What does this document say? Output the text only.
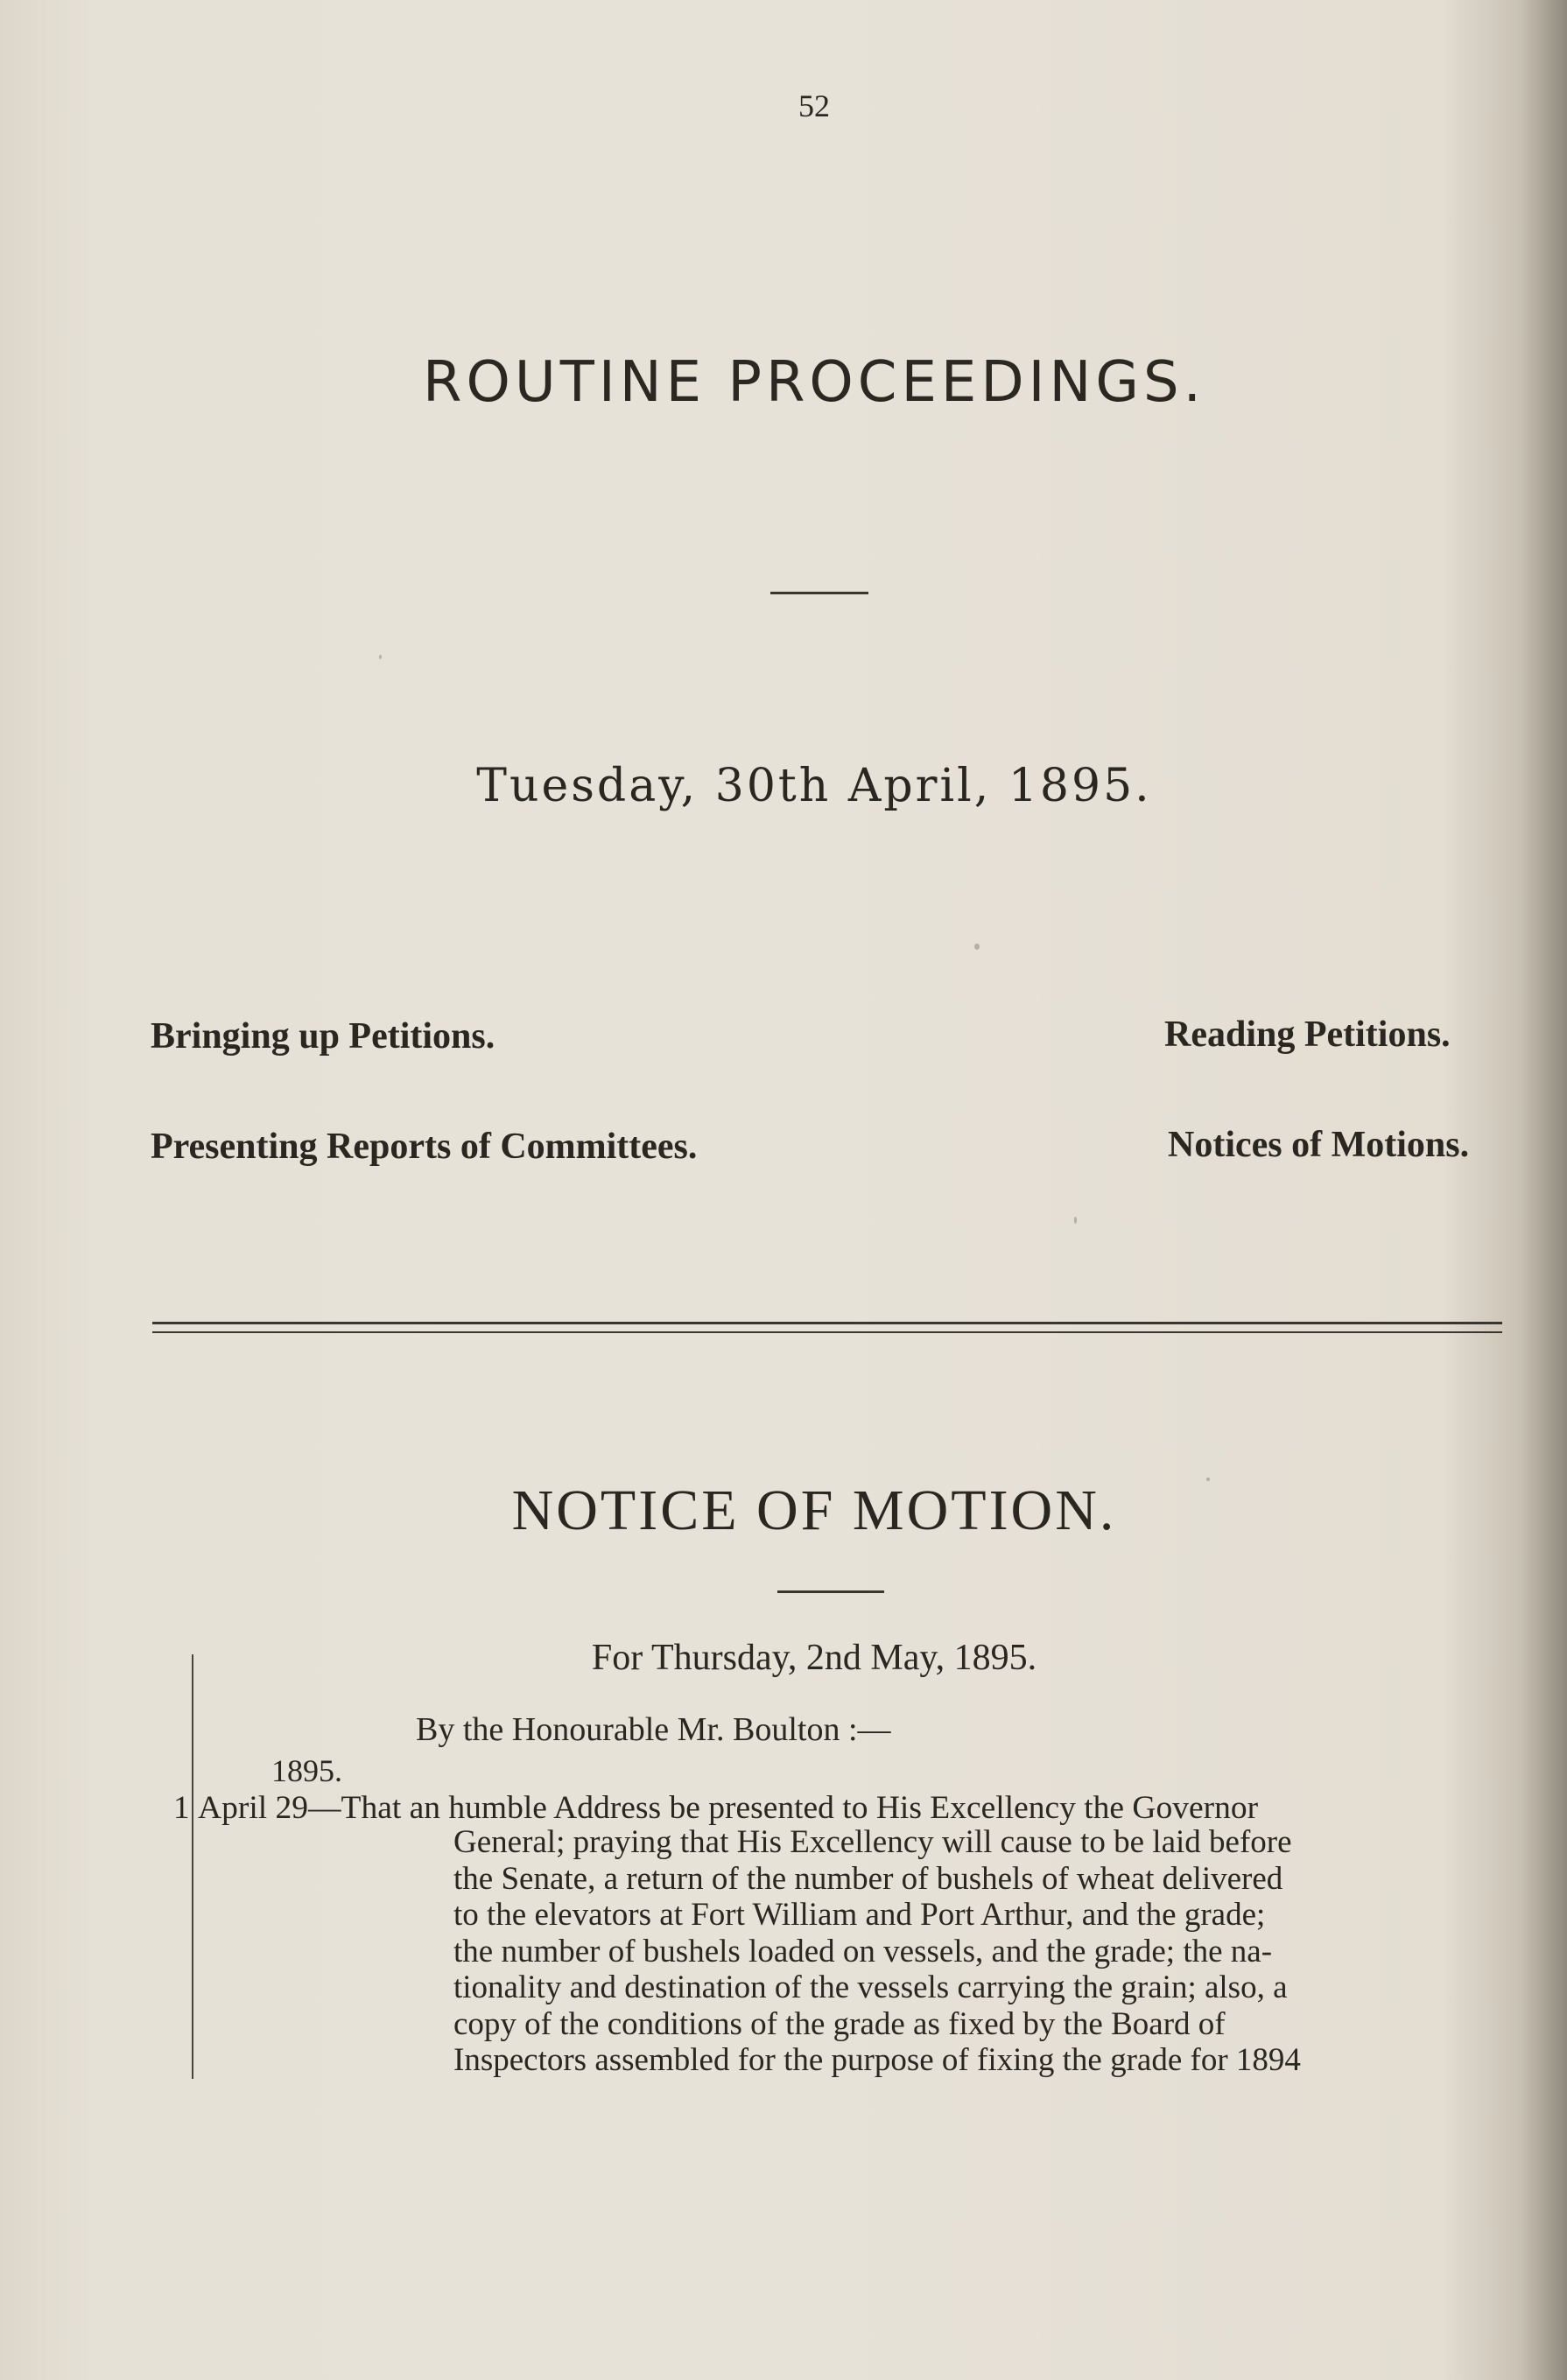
52
ROUTINE PROCEEDINGS.
Tuesday, 30th April, 1895.
Bringing up Petitions.	Reading Petitions.
Presenting Reports of Committees.	Notices of Motions.
NOTICE OF MOTION.
For Thursday, 2nd May, 1895.
By the Honourable Mr. Boulton :—
1895.
1 April 29—That an humble Address be presented to His Excellency the Governor
General; praying that His Excellency will cause to be laid before
the Senate, a return of the number of bushels of wheat delivered
to the elevators at Fort William and Port Arthur, and the grade;
the number of bushels loaded on vessels, and the grade; the na-
tionality and destination of the vessels carrying the grain; also, a
copy of the conditions of the grade as fixed by the Board of
Inspectors assembled for the purpose of fixing the grade for 1894
